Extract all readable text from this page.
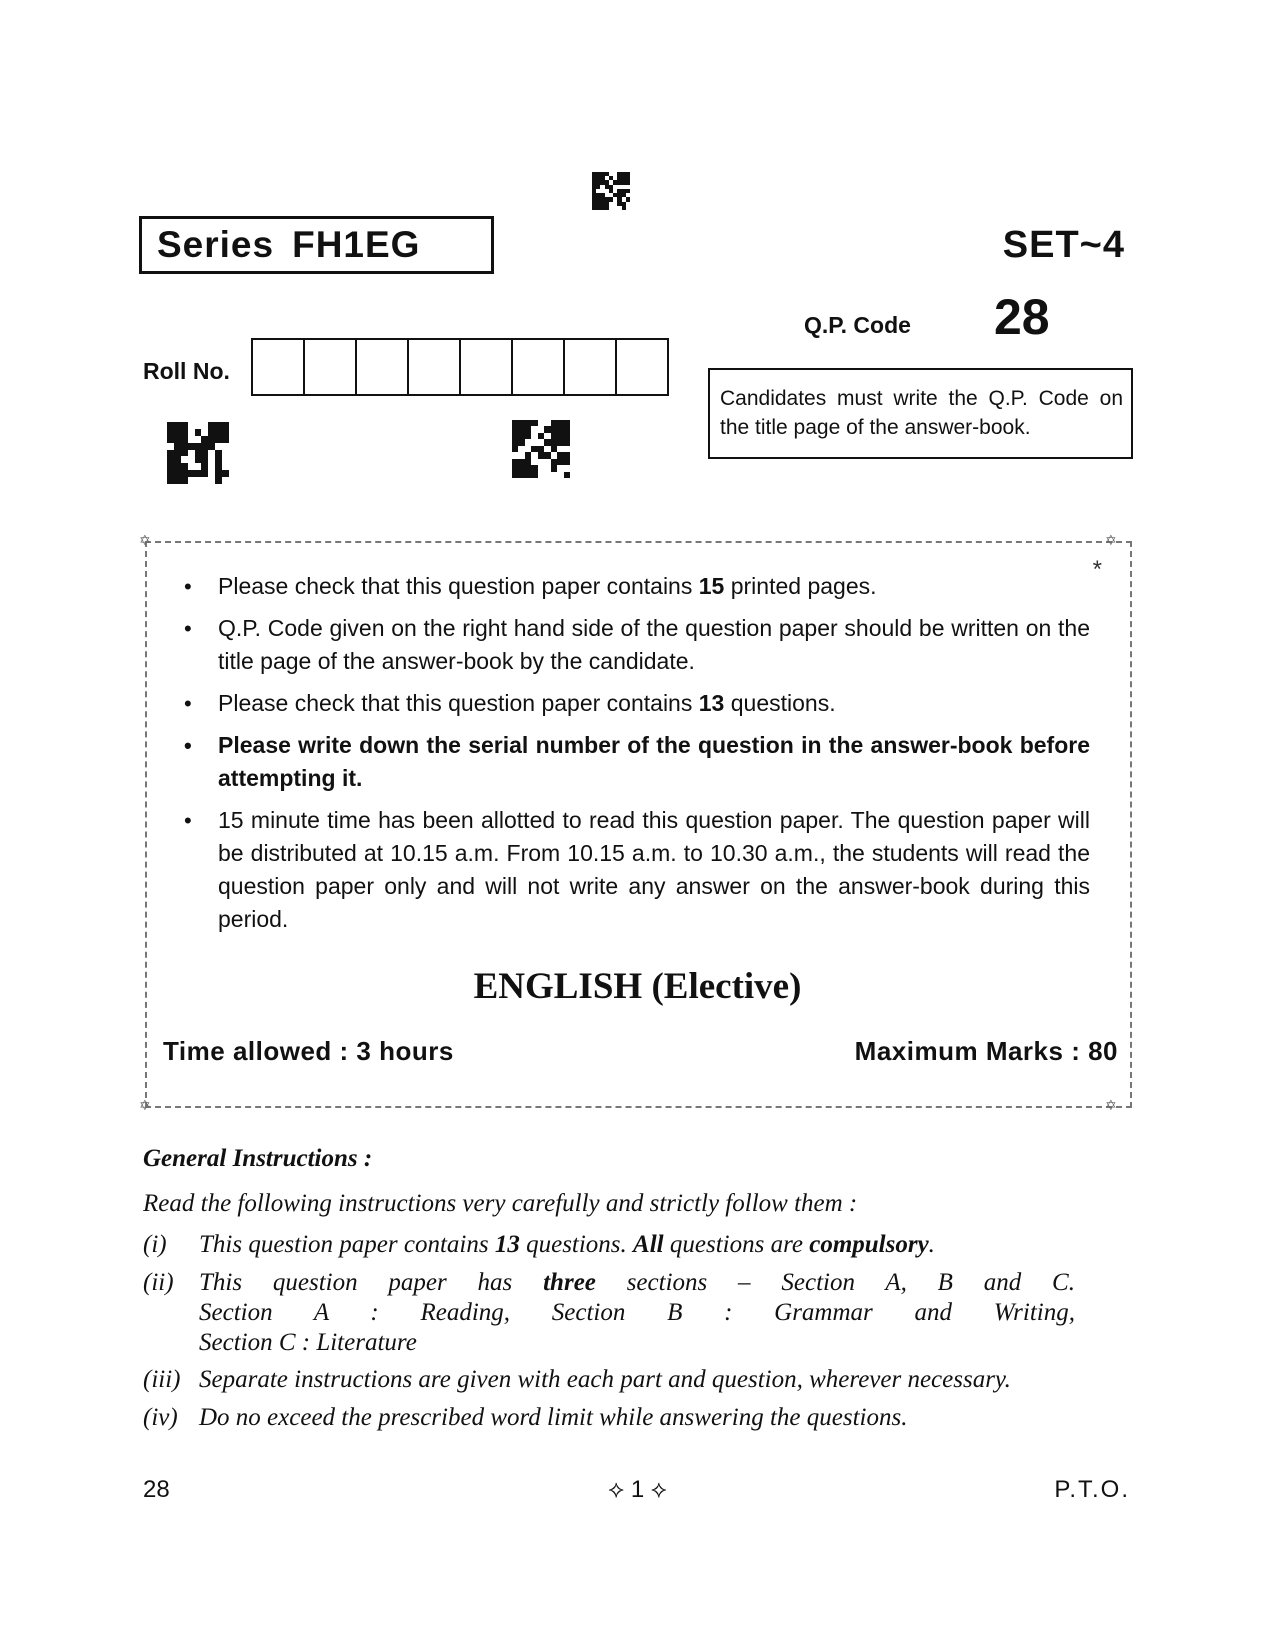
Series FH1EG	SET~4
Q.P. Code 28
Roll No.
Candidates must write the Q.P. Code on the title page of the answer-book.
✡	✡
✡	✡
*
• Please check that this question paper contains 15 printed pages.
• Q.P. Code given on the right hand side of the question paper should be written on the title page of the answer-book by the candidate.
• Please check that this question paper contains 13 questions.
• Please write down the serial number of the question in the answer-book before attempting it.
• 15 minute time has been allotted to read this question paper. The question paper will be distributed at 10.15 a.m. From 10.15 a.m. to 10.30 a.m., the students will read the question paper only and will not write any answer on the answer-book during this period.
ENGLISH (Elective)
Time allowed : 3 hours	Maximum Marks : 80
General Instructions :
Read the following instructions very carefully and strictly follow them :
(i) This question paper contains 13 questions. All questions are compulsory.
(ii) This question paper has three sections – Section A, B and C.
Section A : Reading, Section B : Grammar and Writing,
Section C : Literature
(iii) Separate instructions are given with each part and question, wherever necessary.
(iv) Do no exceed the prescribed word limit while answering the questions.
28	⟡ 1 ⟡	P.T.O.
